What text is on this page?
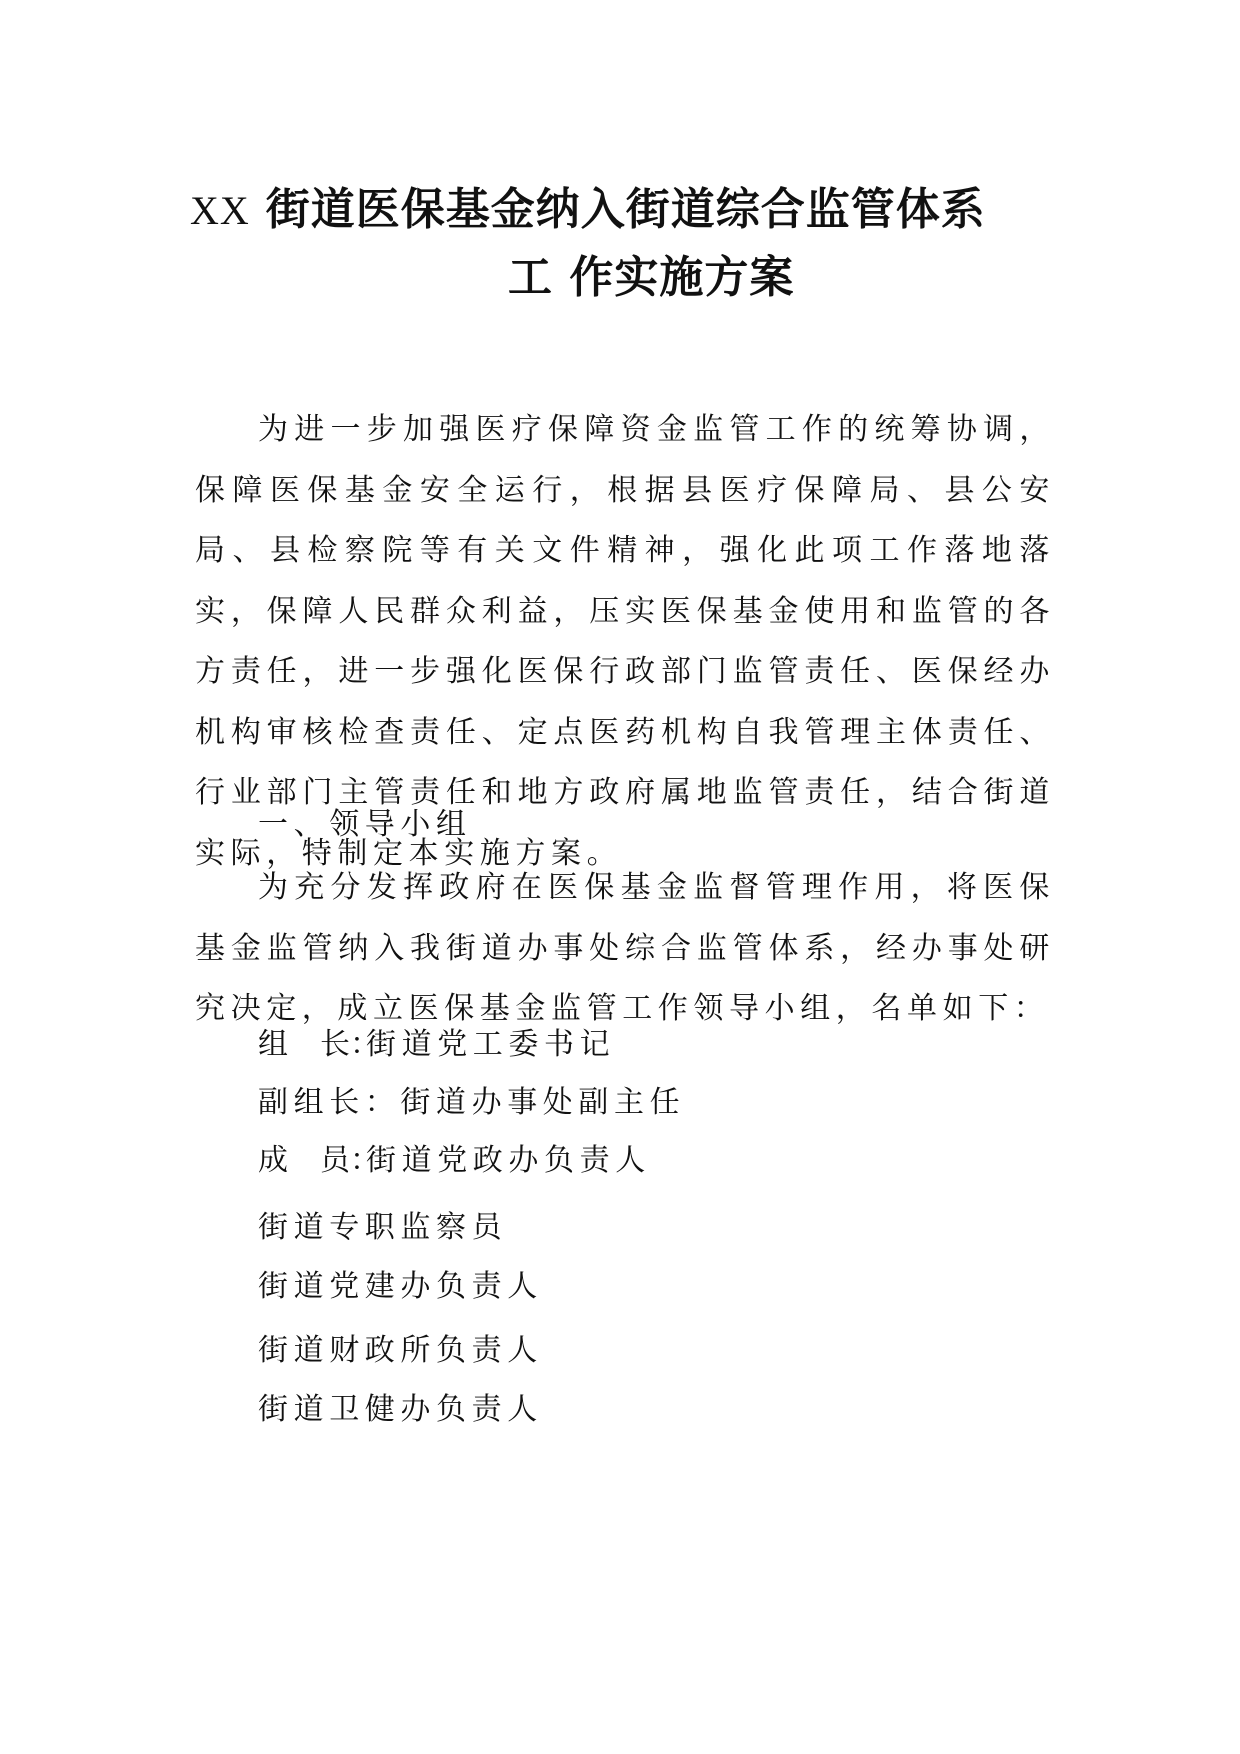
XX 街道医保基金纳入街道综合监管体系
工 作实施方案
为进一步加强医疗保障资金监管工作的统筹协调，保障医保基金安全运行，根据县医疗保障局、县公安局、县检察院等有关文件精神，强化此项工作落地落实，保障人民群众利益，压实医保基金使用和监管的各方责任，进一步强化医保行政部门监管责任、医保经办机构审核检查责任、定点医药机构自我管理主体责任、行业部门主管责任和地方政府属地监管责任，结合街道实际，特制定本实施方案。
一、领导小组
为充分发挥政府在医保基金监督管理作用，将医保基金监管纳入我街道办事处综合监管体系，经办事处研究决定，成立医保基金监管工作领导小组，名单如下：
组 长：街道党工委书记
副组长：街道办事处副主任
成 员：街道党政办负责人
街道专职监察员
街道党建办负责人
街道财政所负责人
街道卫健办负责人
